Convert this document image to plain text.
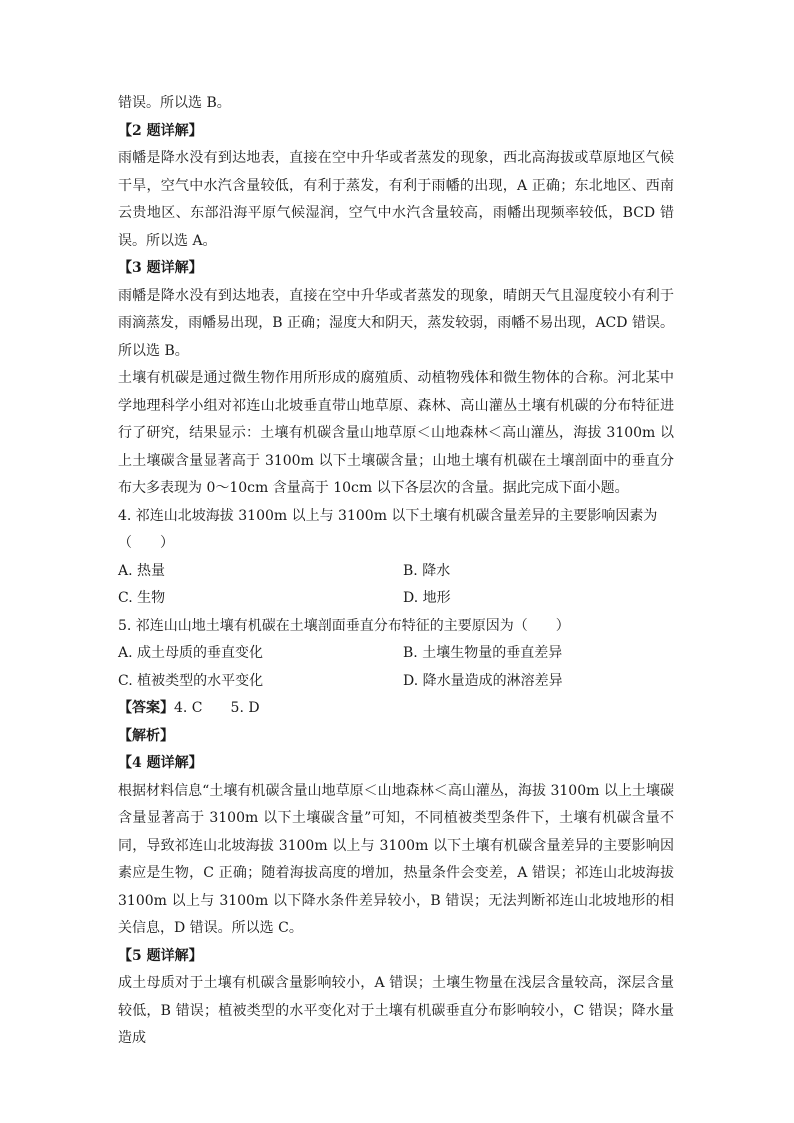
错误。所以选 B。

【2 题详解】

雨幡是降水没有到达地表，直接在空中升华或者蒸发的现象，西北高海拔或草原地区气候干旱，空气中水汽含量较低，有利于蒸发，有利于雨幡的出现，A 正确；东北地区、西南云贵地区、东部沿海平原气候湿润，空气中水汽含量较高，雨幡出现频率较低，BCD 错误。所以选 A。

【3 题详解】

雨幡是降水没有到达地表，直接在空中升华或者蒸发的现象，晴朗天气且湿度较小有利于雨滴蒸发，雨幡易出现，B 正确；湿度大和阴天，蒸发较弱，雨幡不易出现，ACD 错误。所以选 B。

土壤有机碳是通过微生物作用所形成的腐殖质、动植物残体和微生物体的合称。河北某中学地理科学小组对祁连山北坡垂直带山地草原、森林、高山灌丛土壤有机碳的分布特征进行了研究，结果显示：土壤有机碳含量山地草原＜山地森林＜高山灌丛，海拔 3100m 以上土壤碳含量显著高于 3100m 以下土壤碳含量；山地土壤有机碳在土壤剖面中的垂直分布大多表现为 0～10cm 含量高于 10cm 以下各层次的含量。据此完成下面小题。

4. 祁连山北坡海拔 3100m 以上与 3100m 以下土壤有机碳含量差异的主要影响因素为（　　）

A. 热量	B. 降水
C. 生物	D. 地形

5. 祁连山山地土壤有机碳在土壤剖面垂直分布特征的主要原因为（　　）

A. 成土母质的垂直变化	B. 土壤生物量的垂直差异
C. 植被类型的水平变化	D. 降水量造成的淋溶差异

【答案】4. C 5. D

【解析】

【4 题详解】

根据材料信息“土壤有机碳含量山地草原＜山地森林＜高山灌丛，海拔 3100m 以上土壤碳含量显著高于 3100m 以下土壤碳含量”可知，不同植被类型条件下，土壤有机碳含量不同，导致祁连山北坡海拔 3100m 以上与 3100m 以下土壤有机碳含量差异的主要影响因素应是生物，C 正确；随着海拔高度的增加，热量条件会变差，A 错误；祁连山北坡海拔 3100m 以上与 3100m 以下降水条件差异较小，B 错误；无法判断祁连山北坡地形的相关信息，D 错误。所以选 C。

【5 题详解】

成土母质对于土壤有机碳含量影响较小，A 错误；土壤生物量在浅层含量较高，深层含量较低，B 错误；植被类型的水平变化对于土壤有机碳垂直分布影响较小，C 错误；降水量造成
